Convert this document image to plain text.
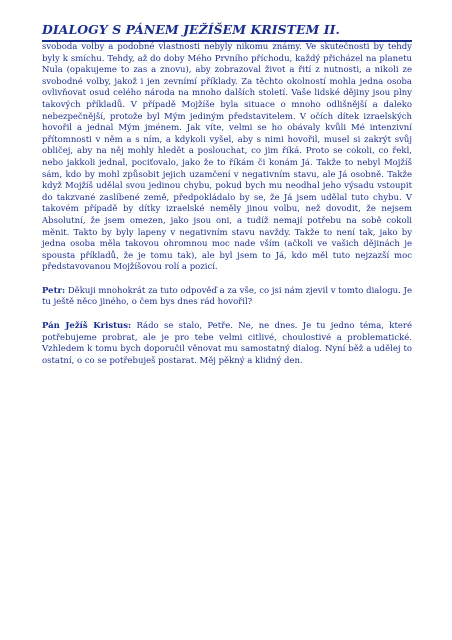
DIALOGY S PÁNEM JEŽÍŠEM KRISTEM II.

svoboda volby a podobné vlastnosti nebyly nikomu známy. Ve skutečnosti by tehdy byly k smíchu. Tehdy, až do doby Mého Prvního příchodu, každý přicházel na planetu Nula (opakujeme to zas a znovu), aby zobrazoval život a řití z nutnosti, a nikoli ze svobodné volby, jakož i jen zevnímí příklady. Za těchto okolností mohla jedna osoba ovlivňovat osud celého národa na mnoho dalších století. Vaše lidské dějiny jsou plny takových příkladů. V případě Mojžíše byla situace o mnoho odlišnější a daleko nebezpečnější, protože byl Mým jediným představitelem. V očích dítek izraelských hovořil a jednal Mým jménem. Jak víte, velmi se ho obávaly kvůli Mé intenzivní přítomnosti v něm a s ním, a kdykoli vyšel, aby s nimi hovořil, musel si zakrýt svůj obličej, aby na něj mohly hledět a poslouchat, co jim říká. Proto se cokoli, co řekl, nebo jakkoli jednal, pociťovalo, jako že to říkám či konám Já. Takže to nebyl Mojžíš sám, kdo by mohl způsobit jejich uzamčení v negativním stavu, ale Já osobně. Takže když Mojžíš udělal svou jedinou chybu, pokud bych mu neodhal jeho výsadu vstoupit do takzvané zaslíbené země, předpokládalo by se, že Já jsem udělal tuto chybu. V takovém případě by dítky izraelské neměly jinou volbu, než dovodit, že nejsem Absolutní, že jsem omezen, jako jsou oni, a tudíž nemají potřebu na sobě cokoli měnit. Takto by byly lapeny v negativním stavu navždy. Takže to není tak, jako by jedna osoba měla takovou ohromnou moc nade vším (ačkoli ve vašich dějinách je spousta příkladů, že je tomu tak), ale byl jsem to Já, kdo měl tuto nejzazší moc představovanou Mojžíšovou rolí a pozicí.

Petr: Děkuji mnohokrát za tuto odpověď a za vše, co jsi nám zjevil v tomto dialogu. Je tu ještě něco jiného, o čem bys dnes rád hovořil?

Pán Ježíš Kristus: Rádo se stalo, Petře. Ne, ne dnes. Je tu jedno téma, které potřebujeme probrat, ale je pro tebe velmi citlivé, choulostivé a problematické. Vzhledem k tomu bych doporučil věnovat mu samostatný dialog. Nyní běž a udělej to ostatní, o co se potřebuješ postarat. Měj pěkný a klidný den.
